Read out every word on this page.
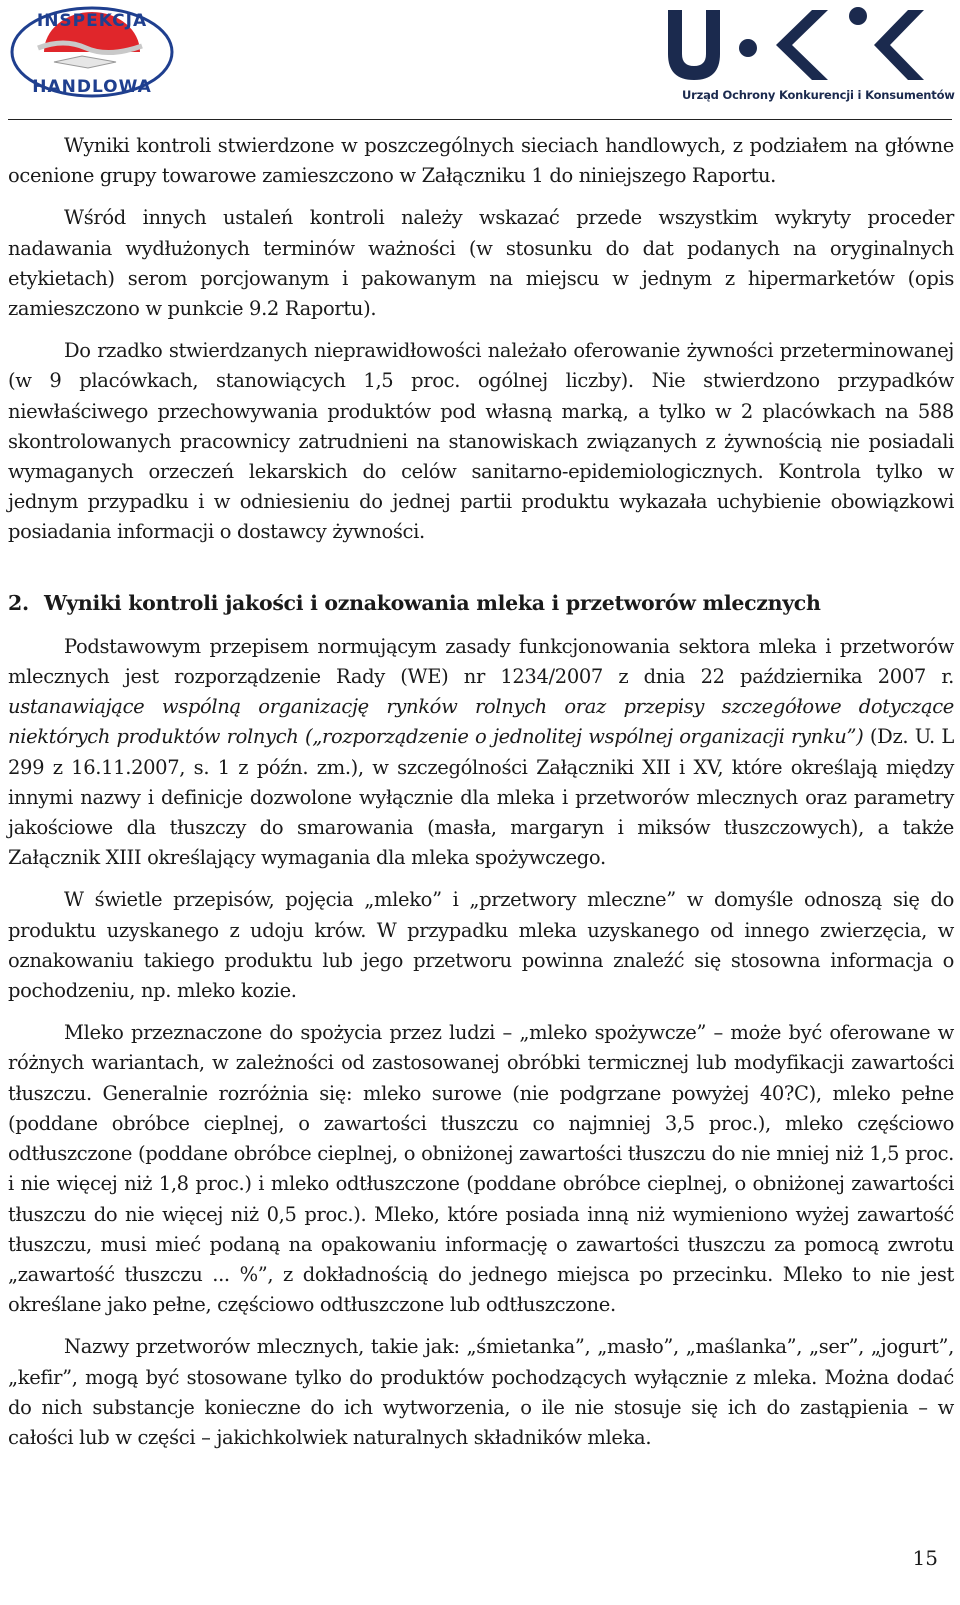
INSPEKCJA
HANDLOWA	Urząd Ochrony Konkurencji i Konsumentów

Wyniki kontroli stwierdzone w poszczególnych sieciach handlowych, z podziałem na główne ocenione grupy towarowe zamieszczono w Załączniku 1 do niniejszego Raportu.

Wśród innych ustaleń kontroli należy wskazać przede wszystkim wykryty proceder nadawania wydłużonych terminów ważności (w stosunku do dat podanych na oryginalnych etykietach) serom porcjowanym i pakowanym na miejscu w jednym z hipermarketów (opis zamieszczono w punkcie 9.2 Raportu).

Do rzadko stwierdzanych nieprawidłowości należało oferowanie żywności przeterminowanej (w 9 placówkach, stanowiących 1,5 proc. ogólnej liczby). Nie stwierdzono przypadków niewłaściwego przechowywania produktów pod własną marką, a tylko w 2 placówkach na 588 skontrolowanych pracownicy zatrudnieni na stanowiskach związanych z żywnością nie posiadali wymaganych orzeczeń lekarskich do celów sanitarno-epidemiologicznych. Kontrola tylko w jednym przypadku i w odniesieniu do jednej partii produktu wykazała uchybienie obowiązkowi posiadania informacji o dostawcy żywności.

2. Wyniki kontroli jakości i oznakowania mleka i przetworów mlecznych

Podstawowym przepisem normującym zasady funkcjonowania sektora mleka i przetworów mlecznych jest rozporządzenie Rady (WE) nr 1234/2007 z dnia 22 października 2007 r. ustanawiające wspólną organizację rynków rolnych oraz przepisy szczegółowe dotyczące niektórych produktów rolnych („rozporządzenie o jednolitej wspólnej organizacji rynku”) (Dz. U. L 299 z 16.11.2007, s. 1 z późn. zm.), w szczególności Załączniki XII i XV, które określają między innymi nazwy i definicje dozwolone wyłącznie dla mleka i przetworów mlecznych oraz parametry jakościowe dla tłuszczy do smarowania (masła, margaryn i miksów tłuszczowych), a także Załącznik XIII określający wymagania dla mleka spożywczego.

W świetle przepisów, pojęcia „mleko” i „przetwory mleczne” w domyśle odnoszą się do produktu uzyskanego z udoju krów. W przypadku mleka uzyskanego od innego zwierzęcia, w oznakowaniu takiego produktu lub jego przetworu powinna znaleźć się stosowna informacja o pochodzeniu, np. mleko kozie.

Mleko przeznaczone do spożycia przez ludzi – „mleko spożywcze” – może być oferowane w różnych wariantach, w zależności od zastosowanej obróbki termicznej lub modyfikacji zawartości tłuszczu. Generalnie rozróżnia się: mleko surowe (nie podgrzane powyżej 40?C), mleko pełne (poddane obróbce cieplnej, o zawartości tłuszczu co najmniej 3,5 proc.), mleko częściowo odtłuszczone (poddane obróbce cieplnej, o obniżonej zawartości tłuszczu do nie mniej niż 1,5 proc. i nie więcej niż 1,8 proc.) i mleko odtłuszczone (poddane obróbce cieplnej, o obniżonej zawartości tłuszczu do nie więcej niż 0,5 proc.). Mleko, które posiada inną niż wymieniono wyżej zawartość tłuszczu, musi mieć podaną na opakowaniu informację o zawartości tłuszczu za pomocą zwrotu „zawartość tłuszczu ... %”, z dokładnością do jednego miejsca po przecinku. Mleko to nie jest określane jako pełne, częściowo odtłuszczone lub odtłuszczone.

Nazwy przetworów mlecznych, takie jak: „śmietanka”, „masło”, „maślanka”, „ser”, „jogurt”, „kefir”, mogą być stosowane tylko do produktów pochodzących wyłącznie z mleka. Można dodać do nich substancje konieczne do ich wytworzenia, o ile nie stosuje się ich do zastąpienia – w całości lub w części – jakichkolwiek naturalnych składników mleka.

15
